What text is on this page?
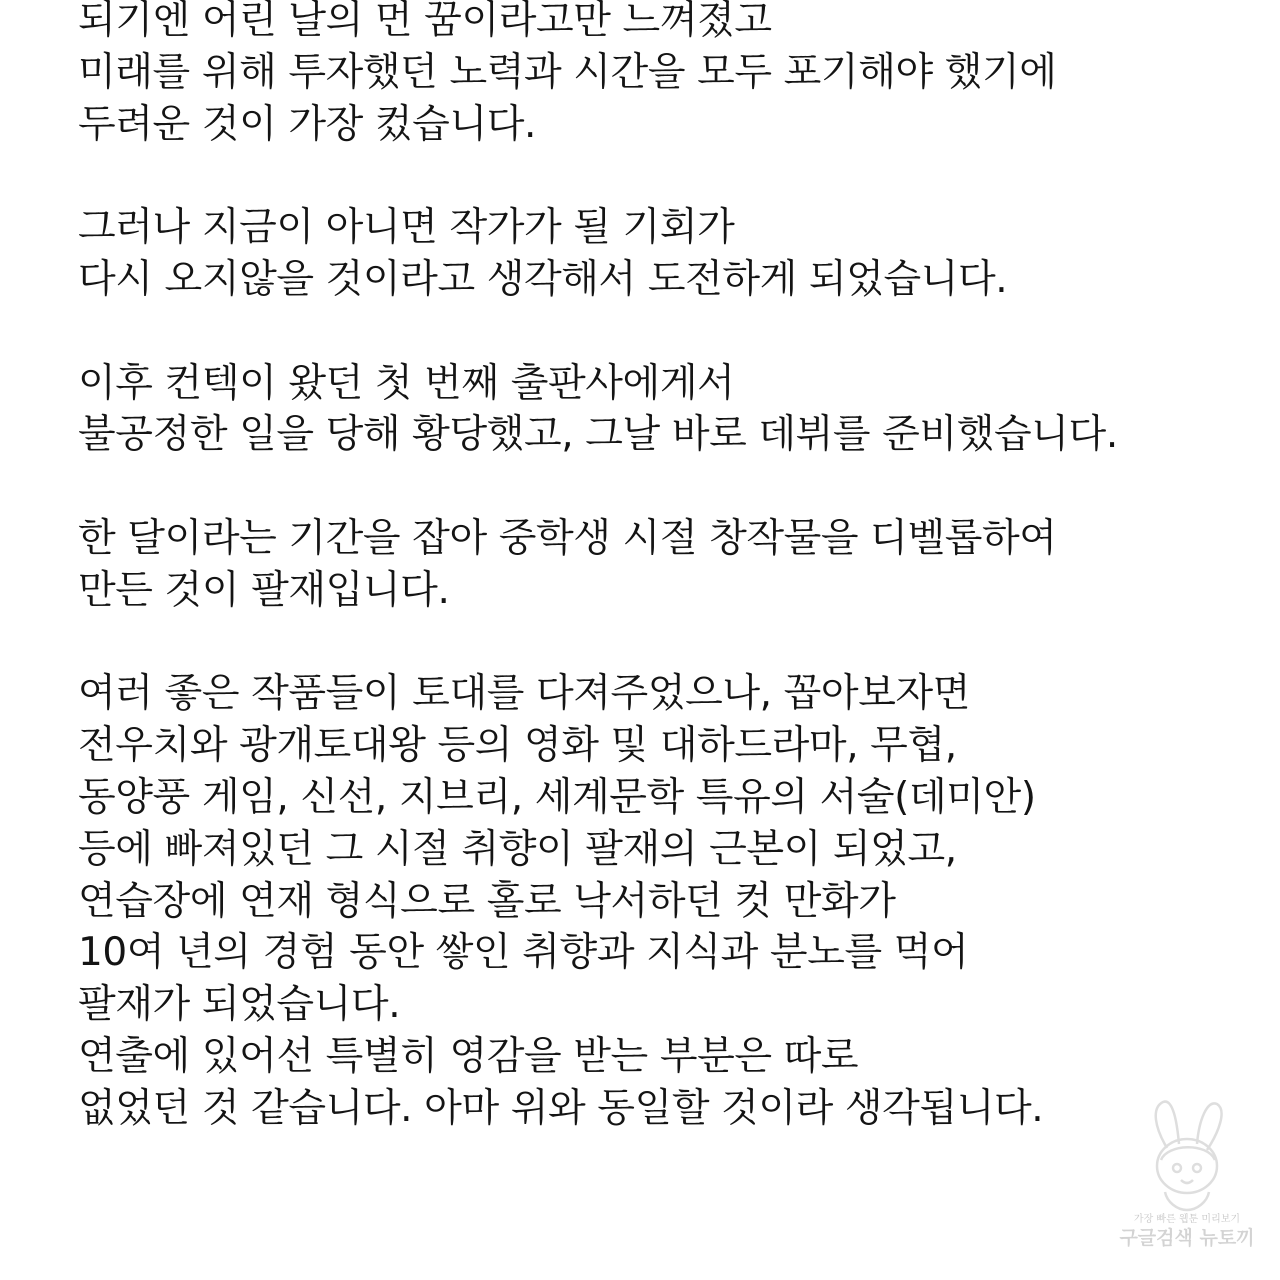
되기엔 어린 날의 먼 꿈이라고만 느껴졌고
미래를 위해 투자했던 노력과 시간을 모두 포기해야 했기에
두려운 것이 가장 컸습니다.
그러나 지금이 아니면 작가가 될 기회가
다시 오지않을 것이라고 생각해서 도전하게 되었습니다.
이후 컨텍이 왔던 첫 번째 출판사에게서
불공정한 일을 당해 황당했고, 그날 바로 데뷔를 준비했습니다.
한 달이라는 기간을 잡아 중학생 시절 창작물을 디벨롭하여
만든 것이 팔재입니다.
여러 좋은 작품들이 토대를 다져주었으나, 꼽아보자면
전우치와 광개토대왕 등의 영화 및 대하드라마, 무협,
동양풍 게임, 신선, 지브리, 세계문학 특유의 서술(데미안)
등에 빠져있던 그 시절 취향이 팔재의 근본이 되었고,
연습장에 연재 형식으로 홀로 낙서하던 컷 만화가
10여 년의 경험 동안 쌓인 취향과 지식과 분노를 먹어
팔재가 되었습니다.
연출에 있어선 특별히 영감을 받는 부분은 따로
없었던 것 같습니다. 아마 위와 동일할 것이라 생각됩니다.
가장 빠른 웹툰 미리보기
구글검색 뉴토끼
